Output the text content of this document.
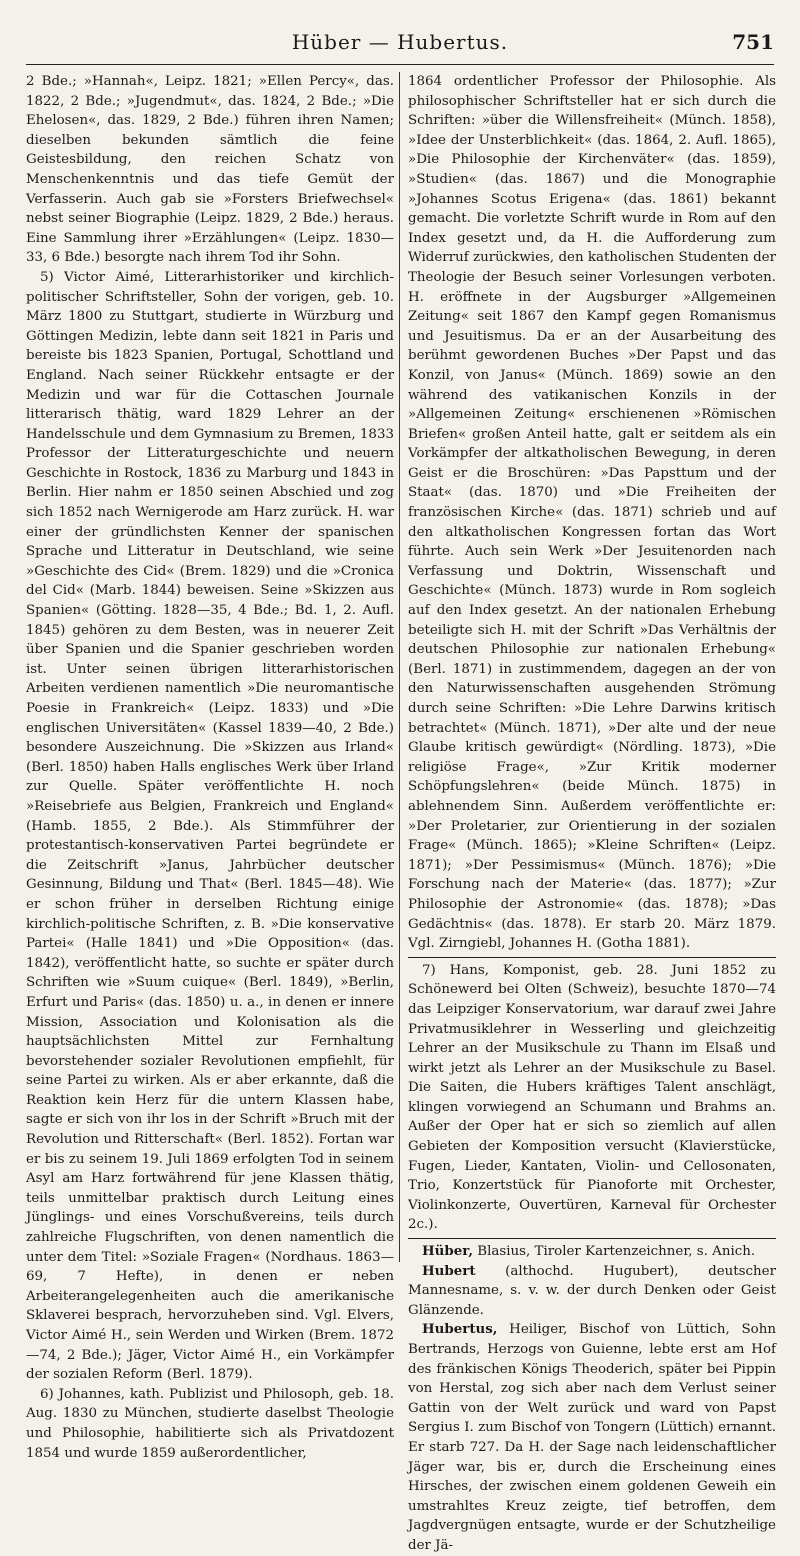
Hüber — Hubertus.	751

2 Bde.; »Hannah«, Leipz. 1821; »Ellen Percy«, das. 1822, 2 Bde.; »Jugendmut«, das. 1824, 2 Bde.; »Die Ehelosen«, das. 1829, 2 Bde.) führen ihren Namen; dieselben bekunden sämtlich die feine Geistesbildung, den reichen Schatz von Menschenkenntnis und das tiefe Gemüt der Verfasserin. Auch gab sie »Forsters Briefwechsel« nebst seiner Biographie (Leipz. 1829, 2 Bde.) heraus. Eine Sammlung ihrer »Erzählungen« (Leipz. 1830—33, 6 Bde.) besorgte nach ihrem Tod ihr Sohn.

5) Victor Aimé, Litterarhistoriker und kirchlich-politischer Schriftsteller, Sohn der vorigen, geb. 10. März 1800 zu Stuttgart, studierte in Würzburg und Göttingen Medizin, lebte dann seit 1821 in Paris und bereiste bis 1823 Spanien, Portugal, Schottland und England. Nach seiner Rückkehr entsagte er der Medizin und war für die Cottaschen Journale litterarisch thätig, ward 1829 Lehrer an der Handelsschule und dem Gymnasium zu Bremen, 1833 Professor der Litteraturgeschichte und neuern Geschichte in Rostock, 1836 zu Marburg und 1843 in Berlin. Hier nahm er 1850 seinen Abschied und zog sich 1852 nach Wernigerode am Harz zurück. H. war einer der gründlichsten Kenner der spanischen Sprache und Litteratur in Deutschland, wie seine »Geschichte des Cid« (Brem. 1829) und die »Cronica del Cid« (Marb. 1844) beweisen. Seine »Skizzen aus Spanien« (Götting. 1828—35, 4 Bde.; Bd. 1, 2. Aufl. 1845) gehören zu dem Besten, was in neuerer Zeit über Spanien und die Spanier geschrieben worden ist. Unter seinen übrigen litterarhistorischen Arbeiten verdienen namentlich »Die neuromantische Poesie in Frankreich« (Leipz. 1833) und »Die englischen Universitäten« (Kassel 1839—40, 2 Bde.) besondere Auszeichnung. Die »Skizzen aus Irland« (Berl. 1850) haben Halls englisches Werk über Irland zur Quelle. Später veröffentlichte H. noch »Reisebriefe aus Belgien, Frankreich und England« (Hamb. 1855, 2 Bde.). Als Stimmführer der protestantisch-konservativen Partei begründete er die Zeitschrift »Janus, Jahrbücher deutscher Gesinnung, Bildung und That« (Berl. 1845—48). Wie er schon früher in derselben Richtung einige kirchlich-politische Schriften, z. B. »Die konservative Partei« (Halle 1841) und »Die Opposition« (das. 1842), veröffentlicht hatte, so suchte er später durch Schriften wie »Suum cuique« (Berl. 1849), »Berlin, Erfurt und Paris« (das. 1850) u. a., in denen er innere Mission, Association und Kolonisation als die hauptsächlichsten Mittel zur Fernhaltung bevorstehender sozialer Revolutionen empfiehlt, für seine Partei zu wirken. Als er aber erkannte, daß die Reaktion kein Herz für die untern Klassen habe, sagte er sich von ihr los in der Schrift »Bruch mit der Revolution und Ritterschaft« (Berl. 1852). Fortan war er bis zu seinem 19. Juli 1869 erfolgten Tod in seinem Asyl am Harz fortwährend für jene Klassen thätig, teils unmittelbar praktisch durch Leitung eines Jünglings- und eines Vorschußvereins, teils durch zahlreiche Flugschriften, von denen namentlich die unter dem Titel: »Soziale Fragen« (Nordhaus. 1863—69, 7 Hefte), in denen er neben Arbeiterangelegenheiten auch die amerikanische Sklaverei besprach, hervorzuheben sind. Vgl. Elvers, Victor Aimé H., sein Werden und Wirken (Brem. 1872—74, 2 Bde.); Jäger, Victor Aimé H., ein Vorkämpfer der sozialen Reform (Berl. 1879).

6) Johannes, kath. Publizist und Philosoph, geb. 18. Aug. 1830 zu München, studierte daselbst Theologie und Philosophie, habilitierte sich als Privatdozent 1854 und wurde 1859 außerordentlicher,

1864 ordentlicher Professor der Philosophie. Als philosophischer Schriftsteller hat er sich durch die Schriften: »über die Willensfreiheit« (Münch. 1858), »Idee der Unsterblichkeit« (das. 1864, 2. Aufl. 1865), »Die Philosophie der Kirchenväter« (das. 1859), »Studien« (das. 1867) und die Monographie »Johannes Scotus Erigena« (das. 1861) bekannt gemacht. Die vorletzte Schrift wurde in Rom auf den Index gesetzt und, da H. die Aufforderung zum Widerruf zurückwies, den katholischen Studenten der Theologie der Besuch seiner Vorlesungen verboten. H. eröffnete in der Augsburger »Allgemeinen Zeitung« seit 1867 den Kampf gegen Romanismus und Jesuitismus. Da er an der Ausarbeitung des berühmt gewordenen Buches »Der Papst und das Konzil, von Janus« (Münch. 1869) sowie an den während des vatikanischen Konzils in der »Allgemeinen Zeitung« erschienenen »Römischen Briefen« großen Anteil hatte, galt er seitdem als ein Vorkämpfer der altkatholischen Bewegung, in deren Geist er die Broschüren: »Das Papsttum und der Staat« (das. 1870) und »Die Freiheiten der französischen Kirche« (das. 1871) schrieb und auf den altkatholischen Kongressen fortan das Wort führte. Auch sein Werk »Der Jesuitenorden nach Verfassung und Doktrin, Wissenschaft und Geschichte« (Münch. 1873) wurde in Rom sogleich auf den Index gesetzt. An der nationalen Erhebung beteiligte sich H. mit der Schrift »Das Verhältnis der deutschen Philosophie zur nationalen Erhebung« (Berl. 1871) in zustimmendem, dagegen an der von den Naturwissenschaften ausgehenden Strömung durch seine Schriften: »Die Lehre Darwins kritisch betrachtet« (Münch. 1871), »Der alte und der neue Glaube kritisch gewürdigt« (Nördling. 1873), »Die religiöse Frage«, »Zur Kritik moderner Schöpfungslehren« (beide Münch. 1875) in ablehnendem Sinn. Außerdem veröffentlichte er: »Der Proletarier, zur Orientierung in der sozialen Frage« (Münch. 1865); »Kleine Schriften« (Leipz. 1871); »Der Pessimismus« (Münch. 1876); »Die Forschung nach der Materie« (das. 1877); »Zur Philosophie der Astronomie« (das. 1878); »Das Gedächtnis« (das. 1878). Er starb 20. März 1879. Vgl. Zirngiebl, Johannes H. (Gotha 1881).

7) Hans, Komponist, geb. 28. Juni 1852 zu Schönewerd bei Olten (Schweiz), besuchte 1870—74 das Leipziger Konservatorium, war darauf zwei Jahre Privatmusiklehrer in Wesserling und gleichzeitig Lehrer an der Musikschule zu Thann im Elsaß und wirkt jetzt als Lehrer an der Musikschule zu Basel. Die Saiten, die Hubers kräftiges Talent anschlägt, klingen vorwiegend an Schumann und Brahms an. Außer der Oper hat er sich so ziemlich auf allen Gebieten der Komposition versucht (Klavierstücke, Fugen, Lieder, Kantaten, Violin- und Cellosonaten, Trio, Konzertstück für Pianoforte mit Orchester, Violinkonzerte, Ouvertüren, Karneval für Orchester 2c.).

Hüber, Blasius, Tiroler Kartenzeichner, s. Anich.

Hubert (althochd. Hugubert), deutscher Mannesname, s. v. w. der durch Denken oder Geist Glänzende.

Hubertus, Heiliger, Bischof von Lüttich, Sohn Bertrands, Herzogs von Guienne, lebte erst am Hof des fränkischen Königs Theoderich, später bei Pippin von Herstal, zog sich aber nach dem Verlust seiner Gattin von der Welt zurück und ward von Papst Sergius I. zum Bischof von Tongern (Lüttich) ernannt. Er starb 727. Da H. der Sage nach leidenschaftlicher Jäger war, bis er, durch die Erscheinung eines Hirsches, der zwischen einem goldenen Geweih ein umstrahltes Kreuz zeigte, tief betroffen, dem Jagdvergnügen entsagte, wurde er der Schutzheilige der Jä-
